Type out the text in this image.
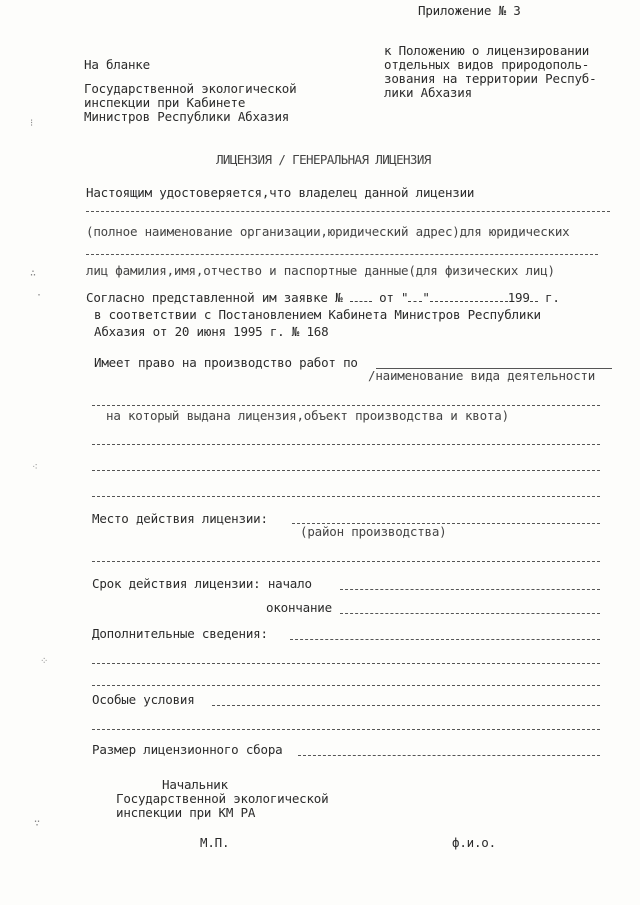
Приложение № 3
На бланке
Государственной экологической
инспекции при Кабинете
Министров Республики Абхазия
к Положению о лицензировании
отдельных видов природополь-
зования на территории Респуб-
лики Абхазия
ЛИЦЕНЗИЯ / ГЕНЕРАЛЬНАЯ ЛИЦЕНЗИЯ
Настоящим удостоверяется,что владелец данной лицензии
(полное наименование организации,юридический адрес)для юридических
лиц фамилия,имя,отчество и паспортные данные(для физических лиц)
Согласно представленной им заявке №	от " "	199 г.
в соответствии с Постановлением Кабинета Министров Республики
Абхазия от 20 июня 1995 г. № 168
Имеет право на производство работ по
/наименование вида деятельности
на который выдана лицензия,объект производства и квота)
Место действия лицензии:
(район производства)
Срок действия лицензии: начало
окончание
Дополнительные сведения:
Особые условия
Размер лицензионного сбора
Начальник
Государственной экологической
инспекции при КМ РА
М.П.	ф.и.о.
⁝
∴
·
⁖
⁘
∵
